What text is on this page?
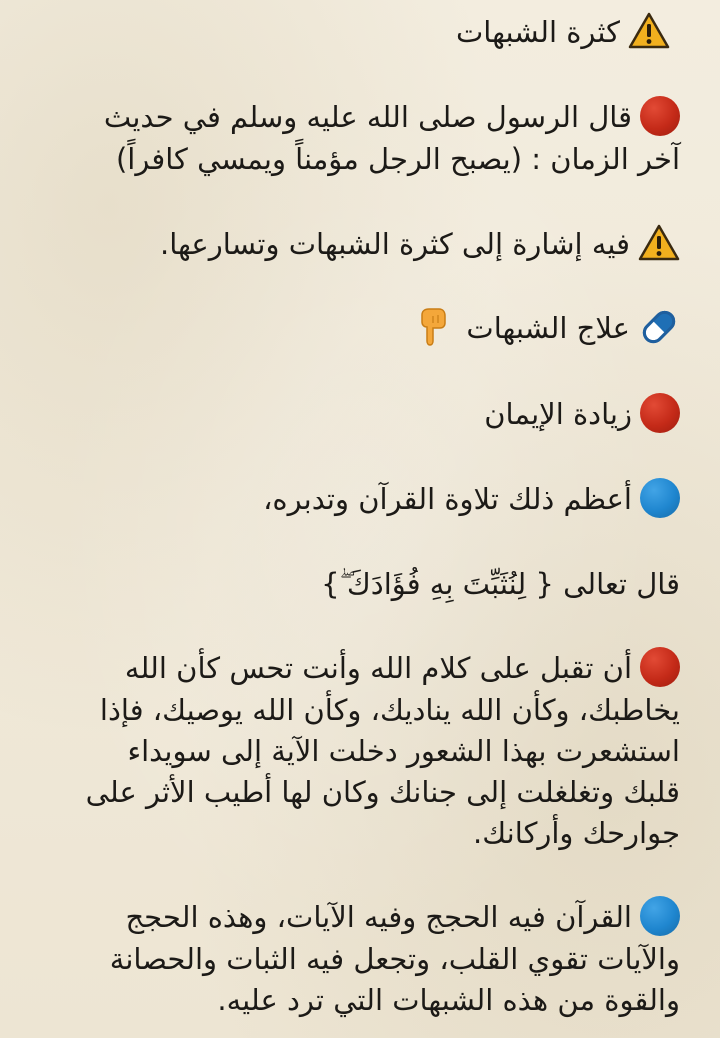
كثرة الشبهات

قال الرسول صلى الله عليه وسلم في حديث
آخر الزمان : (يصبح الرجل مؤمناً ويمسي كافراً)

فيه إشارة إلى كثرة الشبهات وتسارعها.

علاج الشبهات

زيادة الإيمان

أعظم ذلك تلاوة القرآن وتدبره،

قال تعالى { لِنُثَبِّتَ بِهِ فُؤَادَكَ ۖ}

أن تقبل على كلام الله وأنت تحس كأن الله
يخاطبك، وكأن الله يناديك، وكأن الله يوصيك، فإذا
استشعرت بهذا الشعور دخلت الآية إلى سويداء
قلبك وتغلغلت إلى جنانك وكان لها أطيب الأثر على
جوارحك وأركانك.

القرآن فيه الحجج وفيه الآيات، وهذه الحجج
والآيات تقوي القلب، وتجعل فيه الثبات والحصانة
والقوة من هذه الشبهات التي ترد عليه.
